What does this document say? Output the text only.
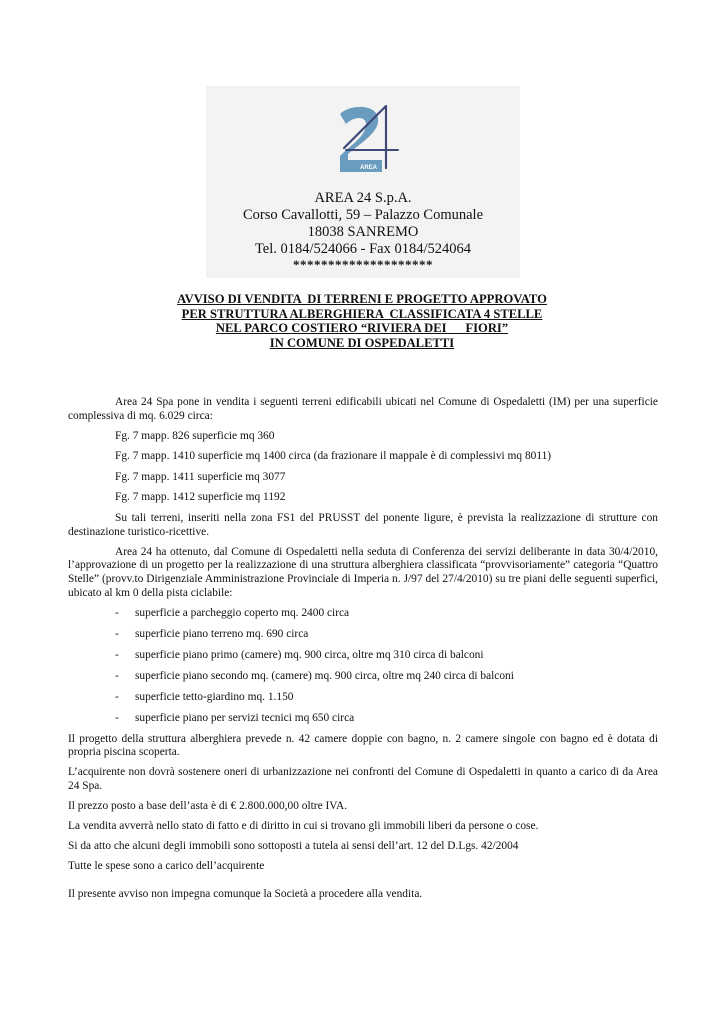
AREA
AREA 24 S.p.A.
Corso Cavallotti, 59 – Palazzo Comunale
18038 SANREMO
Tel. 0184/524066 - Fax 0184/524064
********************
AVVISO DI VENDITA  DI TERRENI E PROGETTO APPROVATO
PER STRUTTURA ALBERGHIERA  CLASSIFICATA 4 STELLE
NEL PARCO COSTIERO “RIVIERA DEI      FIORI”
IN COMUNE DI OSPEDALETTI

Area 24 Spa pone in vendita i seguenti terreni edificabili ubicati nel Comune di Ospedaletti (IM) per una superficie complessiva di mq. 6.029 circa:

Fg. 7 mapp. 826 superficie mq 360

Fg. 7 mapp. 1410 superficie mq 1400 circa (da frazionare il mappale è di complessivi mq 8011)

Fg. 7 mapp. 1411 superficie mq 3077

Fg. 7 mapp. 1412 superficie mq 1192

Su tali terreni, inseriti nella zona FS1 del PRUSST del ponente ligure, è prevista la realizzazione di strutture con destinazione turistico-ricettive.

Area 24 ha ottenuto, dal Comune di Ospedaletti nella seduta di Conferenza dei servizi deliberante in data 30/4/2010, l’approvazione di un progetto per la realizzazione di una struttura alberghiera classificata “provvisoriamente” categoria “Quattro Stelle” (provv.to Dirigenziale Amministrazione Provinciale di Imperia n. J/97 del 27/4/2010) su tre piani delle seguenti superfici, ubicato al km 0 della pista ciclabile:

- superficie a parcheggio coperto mq. 2400 circa
- superficie piano terreno mq. 690 circa
- superficie piano primo (camere) mq. 900 circa, oltre mq 310 circa di balconi
- superficie piano secondo mq. (camere) mq. 900 circa, oltre mq 240 circa di balconi
- superficie tetto-giardino mq. 1.150
- superficie piano per servizi tecnici mq 650 circa

Il progetto della struttura alberghiera prevede n. 42 camere doppie con bagno, n. 2 camere singole con bagno ed è dotata di propria piscina scoperta.

L’acquirente non dovrà sostenere oneri di urbanizzazione nei confronti del Comune di Ospedaletti in quanto a carico di da Area 24 Spa.

Il prezzo posto a base dell’asta è di € 2.800.000,00 oltre IVA.

La vendita avverrà nello stato di fatto e di diritto in cui si trovano gli immobili liberi da persone o cose.

Si da atto che alcuni degli immobili sono sottoposti a tutela ai sensi dell’art. 12 del D.Lgs. 42/2004

Tutte le spese sono a carico dell’acquirente

Il presente avviso non impegna comunque la Società a procedere alla vendita.
